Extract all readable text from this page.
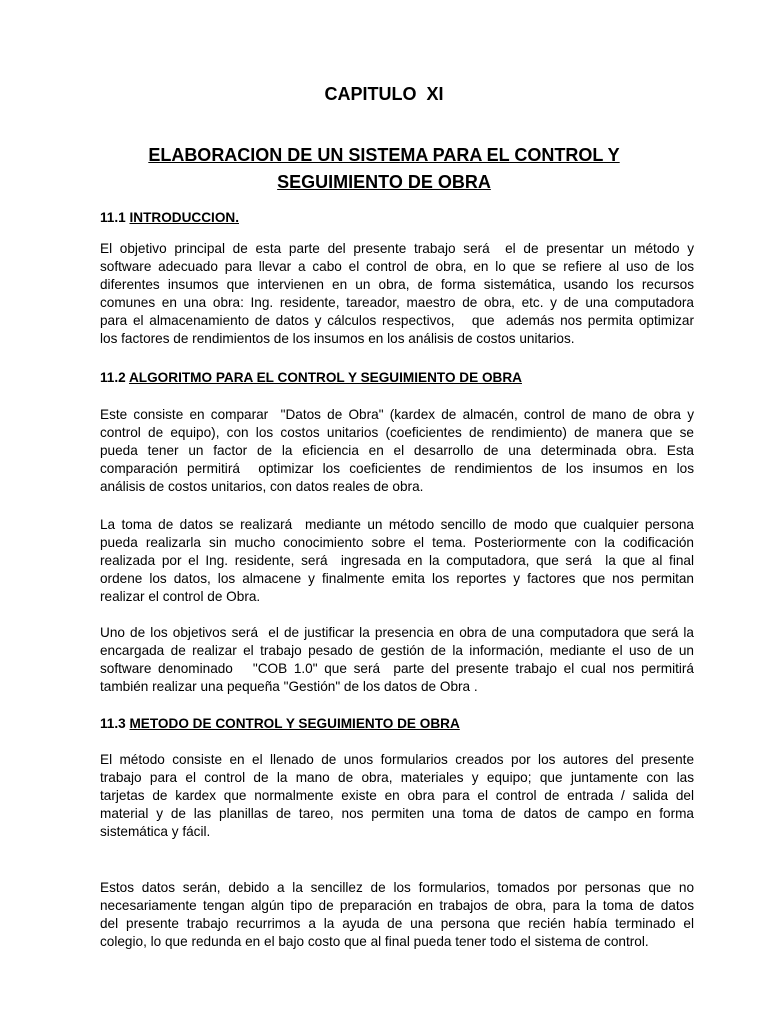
CAPITULO  XI
ELABORACION DE UN SISTEMA PARA EL CONTROL Y
SEGUIMIENTO DE OBRA
11.1 INTRODUCCION.
El objetivo principal de esta parte del presente trabajo será  el de presentar un método y
software adecuado para llevar a cabo el control de obra, en lo que se refiere al uso de los
diferentes insumos que intervienen en un obra, de forma sistemática, usando los recursos
comunes en una obra: Ing. residente, tareador, maestro de obra, etc. y de una computadora
para el almacenamiento de datos y cálculos respectivos,   que  además nos permita optimizar
los factores de rendimientos de los insumos en los análisis de costos unitarios.
11.2 ALGORITMO PARA EL CONTROL Y SEGUIMIENTO DE OBRA
Este consiste en comparar  "Datos de Obra" (kardex de almacén, control de mano de obra y
control de equipo), con los costos unitarios (coeficientes de rendimiento) de manera que se
pueda tener un factor de la eficiencia en el desarrollo de una determinada obra. Esta
comparación permitirá  optimizar los coeficientes de rendimientos de los insumos en los
análisis de costos unitarios, con datos reales de obra.
La toma de datos se realizará  mediante un método sencillo de modo que cualquier persona
pueda realizarla sin mucho conocimiento sobre el tema. Posteriormente con la codificación
realizada por el Ing. residente, será  ingresada en la computadora, que será  la que al final
ordene los datos, los almacene y finalmente emita los reportes y factores que nos permitan
realizar el control de Obra.
Uno de los objetivos será  el de justificar la presencia en obra de una computadora que será la
encargada de realizar el trabajo pesado de gestión de la información, mediante el uso de un
software denominado   "COB 1.0" que será  parte del presente trabajo el cual nos permitirá
también realizar una pequeña "Gestión" de los datos de Obra .
11.3 METODO DE CONTROL Y SEGUIMIENTO DE OBRA
El método consiste en el llenado de unos formularios creados por los autores del presente
trabajo para el control de la mano de obra, materiales y equipo; que juntamente con las
tarjetas de kardex que normalmente existe en obra para el control de entrada / salida del
material y de las planillas de tareo, nos permiten una toma de datos de campo en forma
sistemática y fácil.
Estos datos serán, debido a la sencillez de los formularios, tomados por personas que no
necesariamente tengan algún tipo de preparación en trabajos de obra, para la toma de datos
del presente trabajo recurrimos a la ayuda de una persona que recién había terminado el
colegio, lo que redunda en el bajo costo que al final pueda tener todo el sistema de control.
